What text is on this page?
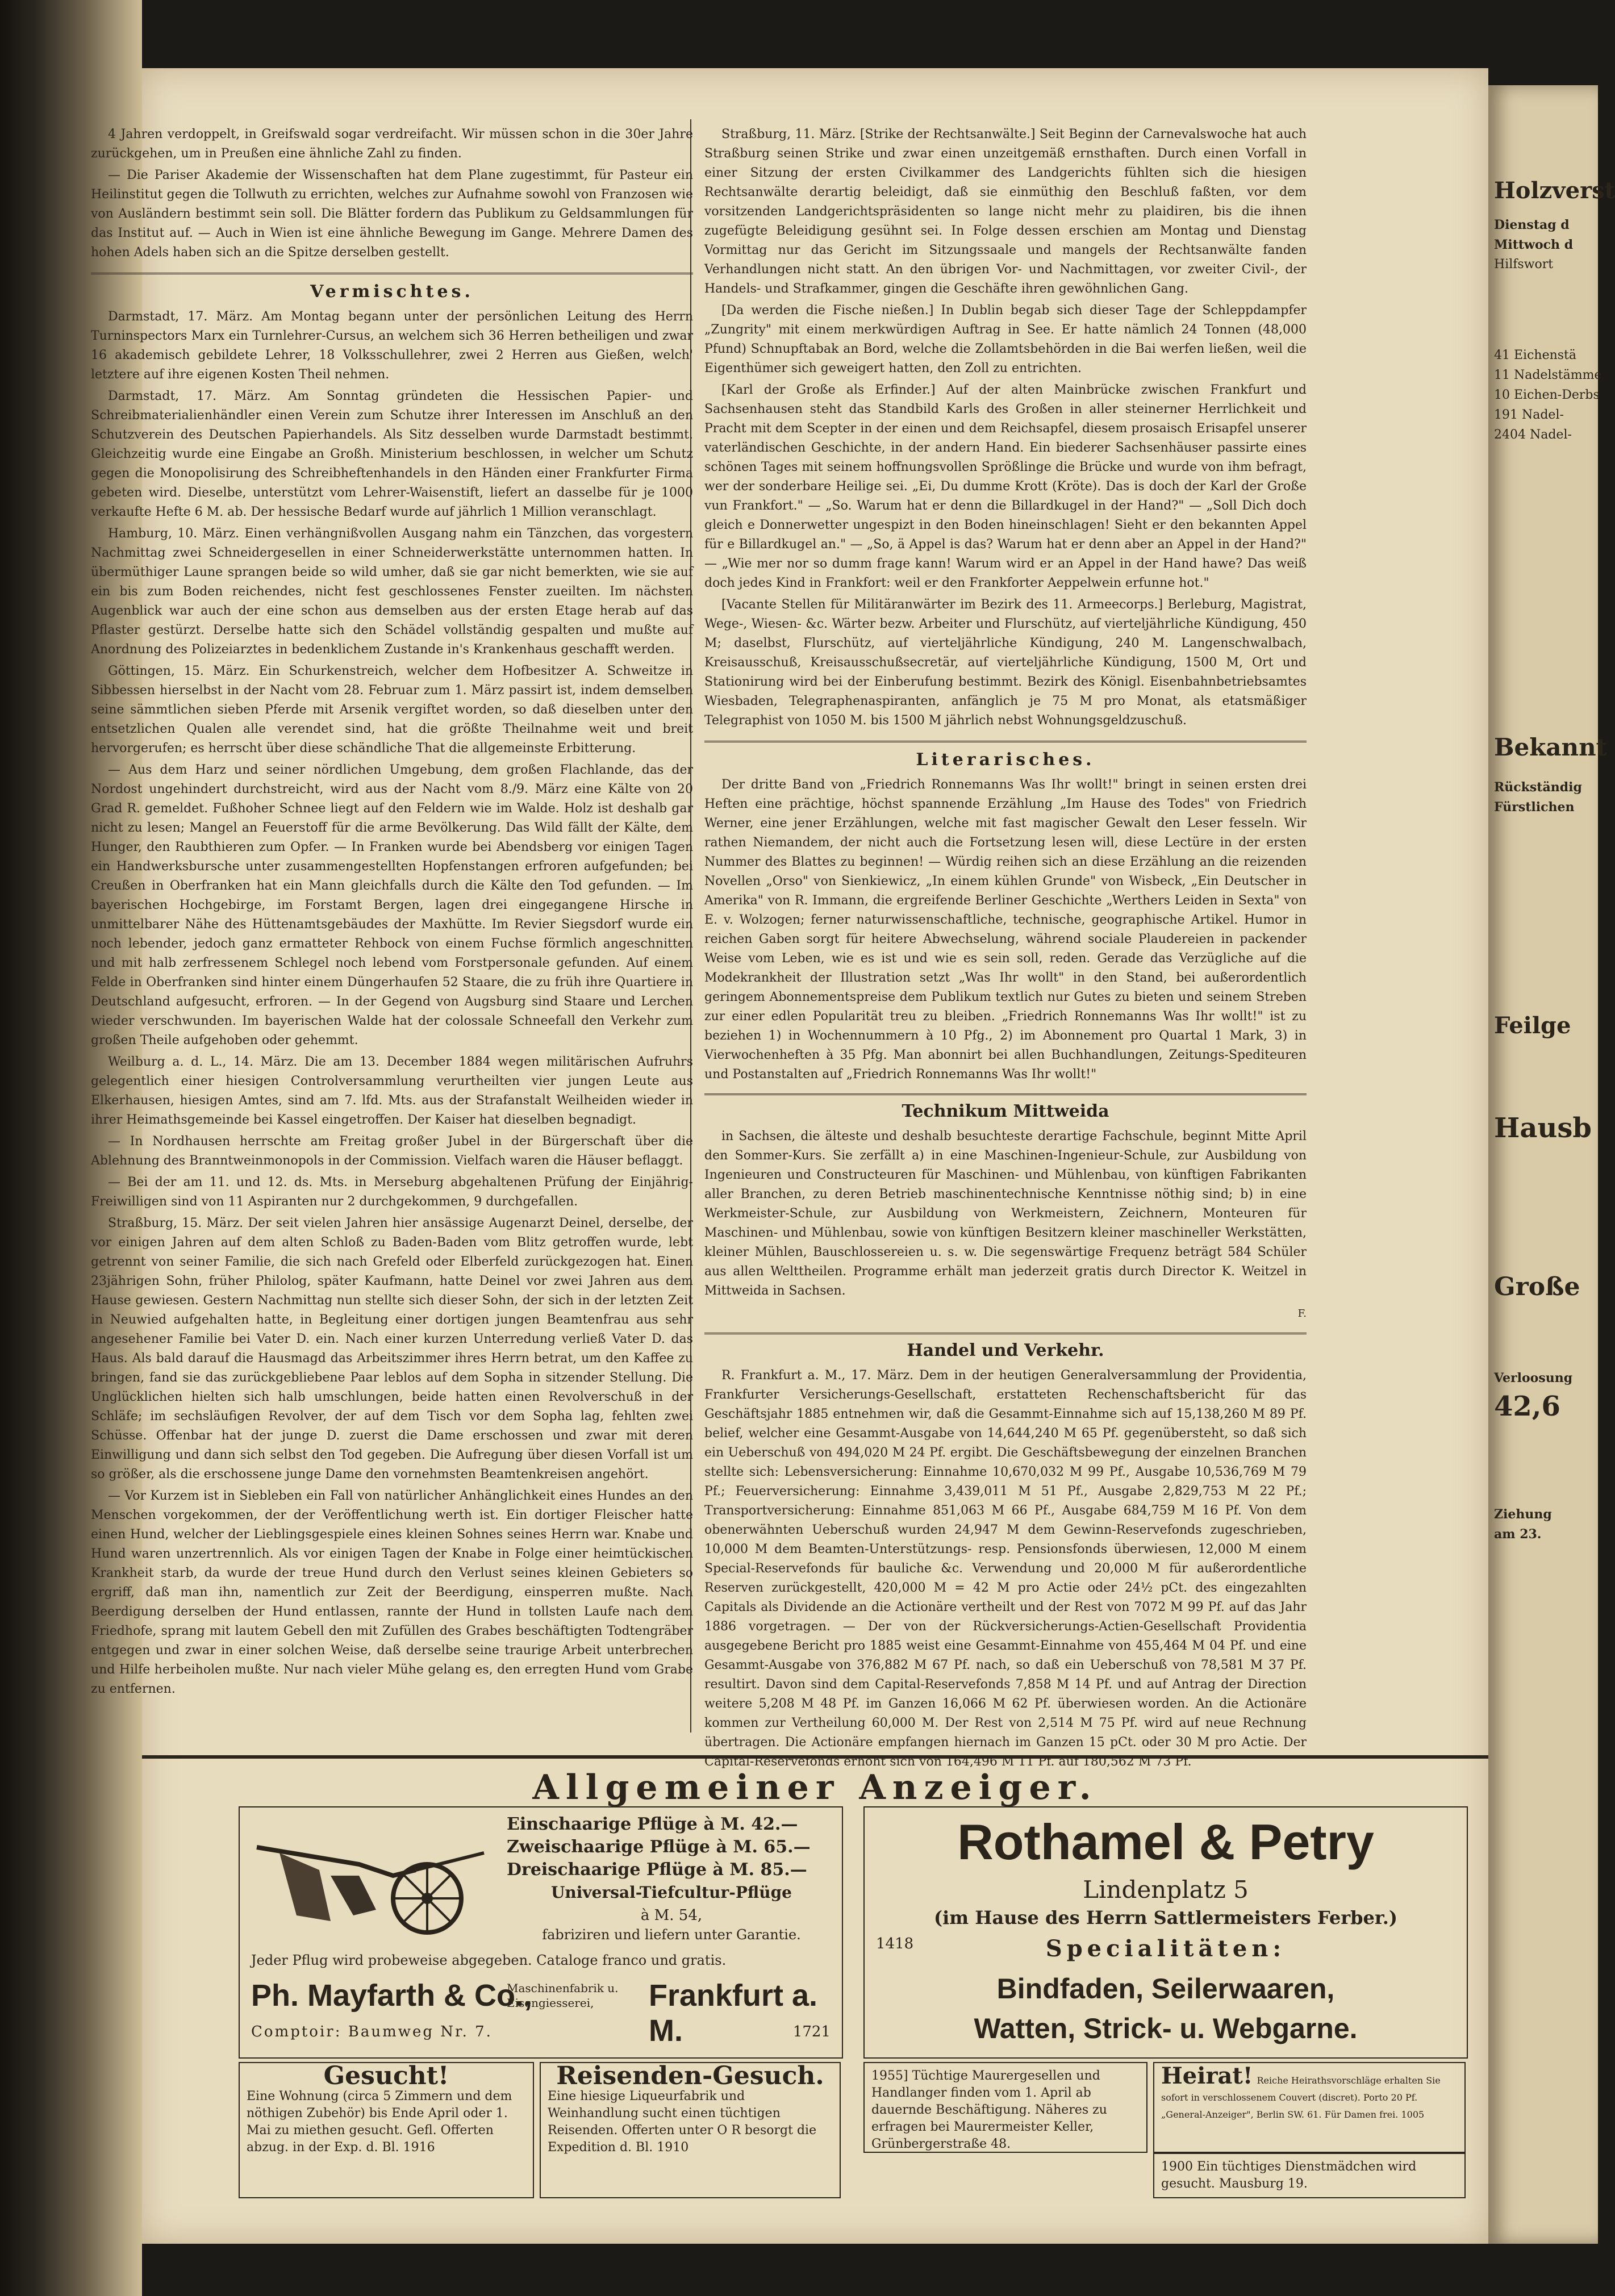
4 Jahren verdoppelt, in Greifswald sogar verdreifacht. Wir müssen schon in die 30er Jahre zurückgehen, um in Preußen eine ähnliche Zahl zu finden.

— Die Pariser Akademie der Wissenschaften hat dem Plane zugestimmt, für Pasteur ein Heilinstitut gegen die Tollwuth zu errichten, welches zur Aufnahme sowohl von Franzosen wie von Ausländern bestimmt sein soll. Die Blätter fordern das Publikum zu Geldsammlungen für das Institut auf. — Auch in Wien ist eine ähnliche Bewegung im Gange. Mehrere Damen des hohen Adels haben sich an die Spitze derselben gestellt.

Vermischtes.

Darmstadt, 17. März. Am Montag begann unter der persönlichen Leitung des Herrn Turninspectors Marx ein Turnlehrer-Cursus, an welchem sich 36 Herren betheiligen und zwar 16 akademisch gebildete Lehrer, 18 Volksschullehrer, zwei 2 Herren aus Gießen, welch' letztere auf ihre eigenen Kosten Theil nehmen.

Darmstadt, 17. März. Am Sonntag gründeten die Hessischen Papier- und Schreibmaterialienhändler einen Verein zum Schutze ihrer Interessen im Anschluß an den Schutzverein des Deutschen Papierhandels. Als Sitz desselben wurde Darmstadt bestimmt. Gleichzeitig wurde eine Eingabe an Großh. Ministerium beschlossen, in welcher um Schutz gegen die Monopolisirung des Schreibheftenhandels in den Händen einer Frankfurter Firma gebeten wird. Dieselbe, unterstützt vom Lehrer-Waisenstift, liefert an dasselbe für je 1000 verkaufte Hefte 6 M. ab. Der hessische Bedarf wurde auf jährlich 1 Million veranschlagt.

Hamburg, 10. März. Einen verhängnißvollen Ausgang nahm ein Tänzchen, das vorgestern Nachmittag zwei Schneidergesellen in einer Schneiderwerkstätte unternommen hatten. In übermüthiger Laune sprangen beide so wild umher, daß sie gar nicht bemerkten, wie sie auf ein bis zum Boden reichendes, nicht fest geschlossenes Fenster zueilten. Im nächsten Augenblick war auch der eine schon aus demselben aus der ersten Etage herab auf das Pflaster gestürzt. Derselbe hatte sich den Schädel vollständig gespalten und mußte auf Anordnung des Polizeiarztes in bedenklichem Zustande in's Krankenhaus geschafft werden.

Göttingen, 15. März. Ein Schurkenstreich, welcher dem Hofbesitzer A. Schweitze in Sibbessen hierselbst in der Nacht vom 28. Februar zum 1. März passirt ist, indem demselben seine sämmtlichen sieben Pferde mit Arsenik vergiftet worden, so daß dieselben unter den entsetzlichen Qualen alle verendet sind, hat die größte Theilnahme weit und breit hervorgerufen; es herrscht über diese schändliche That die allgemeinste Erbitterung.

— Aus dem Harz und seiner nördlichen Umgebung, dem großen Flachlande, das der Nordost ungehindert durchstreicht, wird aus der Nacht vom 8./9. März eine Kälte von 20 Grad R. gemeldet. Fußhoher Schnee liegt auf den Feldern wie im Walde. Holz ist deshalb gar nicht zu lesen; Mangel an Feuerstoff für die arme Bevölkerung. Das Wild fällt der Kälte, dem Hunger, den Raubthieren zum Opfer. — In Franken wurde bei Abendsberg vor einigen Tagen ein Handwerksbursche unter zusammengestellten Hopfenstangen erfroren aufgefunden; bei Creußen in Oberfranken hat ein Mann gleichfalls durch die Kälte den Tod gefunden. — Im bayerischen Hochgebirge, im Forstamt Bergen, lagen drei eingegangene Hirsche in unmittelbarer Nähe des Hüttenamtsgebäudes der Maxhütte. Im Revier Siegsdorf wurde ein noch lebender, jedoch ganz ermatteter Rehbock von einem Fuchse förmlich angeschnitten und mit halb zerfressenem Schlegel noch lebend vom Forstpersonale gefunden. Auf einem Felde in Oberfranken sind hinter einem Düngerhaufen 52 Staare, die zu früh ihre Quartiere in Deutschland aufgesucht, erfroren. — In der Gegend von Augsburg sind Staare und Lerchen wieder verschwunden. Im bayerischen Walde hat der colossale Schneefall den Verkehr zum großen Theile aufgehoben oder gehemmt.

Weilburg a. d. L., 14. März. Die am 13. December 1884 wegen militärischen Aufruhrs gelegentlich einer hiesigen Controlversammlung verurtheilten vier jungen Leute aus Elkerhausen, hiesigen Amtes, sind am 7. lfd. Mts. aus der Strafanstalt Weilheiden wieder in ihrer Heimathsgemeinde bei Kassel eingetroffen. Der Kaiser hat dieselben begnadigt.

— In Nordhausen herrschte am Freitag großer Jubel in der Bürgerschaft über die Ablehnung des Branntweinmonopols in der Commission. Vielfach waren die Häuser beflaggt.

— Bei der am 11. und 12. ds. Mts. in Merseburg abgehaltenen Prüfung der Einjährig-Freiwilligen sind von 11 Aspiranten nur 2 durchgekommen, 9 durchgefallen.

Straßburg, 15. März. Der seit vielen Jahren hier ansässige Augenarzt Deinel, derselbe, der vor einigen Jahren auf dem alten Schloß zu Baden-Baden vom Blitz getroffen wurde, lebt getrennt von seiner Familie, die sich nach Grefeld oder Elberfeld zurückgezogen hat. Einen 23jährigen Sohn, früher Philolog, später Kaufmann, hatte Deinel vor zwei Jahren aus dem Hause gewiesen. Gestern Nachmittag nun stellte sich dieser Sohn, der sich in der letzten Zeit in Neuwied aufgehalten hatte, in Begleitung einer dortigen jungen Beamtenfrau aus sehr angesehener Familie bei Vater D. ein. Nach einer kurzen Unterredung verließ Vater D. das Haus. Als bald darauf die Hausmagd das Arbeitszimmer ihres Herrn betrat, um den Kaffee zu bringen, fand sie das zurückgebliebene Paar leblos auf dem Sopha in sitzender Stellung. Die Unglücklichen hielten sich halb umschlungen, beide hatten einen Revolverschuß in der Schläfe; im sechsläufigen Revolver, der auf dem Tisch vor dem Sopha lag, fehlten zwei Schüsse. Offenbar hat der junge D. zuerst die Dame erschossen und zwar mit deren Einwilligung und dann sich selbst den Tod gegeben. Die Aufregung über diesen Vorfall ist um so größer, als die erschossene junge Dame den vornehmsten Beamtenkreisen angehört.

— Vor Kurzem ist in Siebleben ein Fall von natürlicher Anhänglichkeit eines Hundes an den Menschen vorgekommen, der der Veröffentlichung werth ist. Ein dortiger Fleischer hatte einen Hund, welcher der Lieblingsgespiele eines kleinen Sohnes seines Herrn war. Knabe und Hund waren unzertrennlich. Als vor einigen Tagen der Knabe in Folge einer heimtückischen Krankheit starb, da wurde der treue Hund durch den Verlust seines kleinen Gebieters so ergriff, daß man ihn, namentlich zur Zeit der Beerdigung, einsperren mußte. Nach Beerdigung derselben der Hund entlassen, rannte der Hund in tollsten Laufe nach dem Friedhofe, sprang mit lautem Gebell den mit Zufüllen des Grabes beschäftigten Todtengräber entgegen und zwar in einer solchen Weise, daß derselbe seine traurige Arbeit unterbrechen und Hilfe herbeiholen mußte. Nur nach vieler Mühe gelang es, den erregten Hund vom Grabe zu entfernen.

Straßburg, 11. März. [Strike der Rechtsanwälte.] Seit Beginn der Carnevalswoche hat auch Straßburg seinen Strike und zwar einen unzeitgemäß ernsthaften. Durch einen Vorfall in einer Sitzung der ersten Civilkammer des Landgerichts fühlten sich die hiesigen Rechtsanwälte derartig beleidigt, daß sie einmüthig den Beschluß faßten, vor dem vorsitzenden Landgerichtspräsidenten so lange nicht mehr zu plaidiren, bis die ihnen zugefügte Beleidigung gesühnt sei. In Folge dessen erschien am Montag und Dienstag Vormittag nur das Gericht im Sitzungssaale und mangels der Rechtsanwälte fanden Verhandlungen nicht statt. An den übrigen Vor- und Nachmittagen, vor zweiter Civil-, der Handels- und Strafkammer, gingen die Geschäfte ihren gewöhnlichen Gang.

[Da werden die Fische nießen.] In Dublin begab sich dieser Tage der Schleppdampfer „Zungrity" mit einem merkwürdigen Auftrag in See. Er hatte nämlich 24 Tonnen (48,000 Pfund) Schnupftabak an Bord, welche die Zollamtsbehörden in die Bai werfen ließen, weil die Eigenthümer sich geweigert hatten, den Zoll zu entrichten.

[Karl der Große als Erfinder.] Auf der alten Mainbrücke zwischen Frankfurt und Sachsenhausen steht das Standbild Karls des Großen in aller steinerner Herrlichkeit und Pracht mit dem Scepter in der einen und dem Reichsapfel, diesem prosaisch Erisapfel unserer vaterländischen Geschichte, in der andern Hand. Ein biederer Sachsenhäuser passirte eines schönen Tages mit seinem hoffnungsvollen Sprößlinge die Brücke und wurde von ihm befragt, wer der sonderbare Heilige sei. „Ei, Du dumme Krott (Kröte). Das is doch der Karl der Große vun Frankfort." — „So. Warum hat er denn die Billardkugel in der Hand?" — „Soll Dich doch gleich e Donnerwetter ungespizt in den Boden hineinschlagen! Sieht er den bekannten Appel für e Billardkugel an." — „So, ä Appel is das? Warum hat er denn aber an Appel in der Hand?" — „Wie mer nor so dumm frage kann! Warum wird er an Appel in der Hand hawe? Das weiß doch jedes Kind in Frankfort: weil er den Frankforter Aeppelwein erfunne hot."

[Vacante Stellen für Militäranwärter im Bezirk des 11. Armeecorps.] Berleburg, Magistrat, Wege-, Wiesen- &c. Wärter bezw. Arbeiter und Flurschütz, auf vierteljährliche Kündigung, 450 M; daselbst, Flurschütz, auf vierteljährliche Kündigung, 240 M. Langenschwalbach, Kreisausschuß, Kreisausschußsecretär, auf vierteljährliche Kündigung, 1500 M, Ort und Stationirung wird bei der Einberufung bestimmt. Bezirk des Königl. Eisenbahnbetriebsamtes Wiesbaden, Telegraphenaspiranten, anfänglich je 75 M pro Monat, als etatsmäßiger Telegraphist von 1050 M. bis 1500 M jährlich nebst Wohnungsgeldzuschuß.

Literarisches.

Der dritte Band von „Friedrich Ronnemanns Was Ihr wollt!" bringt in seinen ersten drei Heften eine prächtige, höchst spannende Erzählung „Im Hause des Todes" von Friedrich Werner, eine jener Erzählungen, welche mit fast magischer Gewalt den Leser fesseln. Wir rathen Niemandem, der nicht auch die Fortsetzung lesen will, diese Lectüre in der ersten Nummer des Blattes zu beginnen! — Würdig reihen sich an diese Erzählung an die reizenden Novellen „Orso" von Sienkiewicz, „In einem kühlen Grunde" von Wisbeck, „Ein Deutscher in Amerika" von R. Immann, die ergreifende Berliner Geschichte „Werthers Leiden in Sexta" von E. v. Wolzogen; ferner naturwissenschaftliche, technische, geographische Artikel. Humor in reichen Gaben sorgt für heitere Abwechselung, während sociale Plaudereien in packender Weise vom Leben, wie es ist und wie es sein soll, reden. Gerade das Verzügliche auf die Modekrankheit der Illustration setzt „Was Ihr wollt" in den Stand, bei außerordentlich geringem Abonnementspreise dem Publikum textlich nur Gutes zu bieten und seinem Streben zur einer edlen Popularität treu zu bleiben. „Friedrich Ronnemanns Was Ihr wollt!" ist zu beziehen 1) in Wochennummern à 10 Pfg., 2) im Abonnement pro Quartal 1 Mark, 3) in Vierwochenheften à 35 Pfg. Man abonnirt bei allen Buchhandlungen, Zeitungs-Spediteuren und Postanstalten auf „Friedrich Ronnemanns Was Ihr wollt!"

Technikum Mittweida

in Sachsen, die älteste und deshalb besuchteste derartige Fachschule, beginnt Mitte April den Sommer-Kurs. Sie zerfällt a) in eine Maschinen-Ingenieur-Schule, zur Ausbildung von Ingenieuren und Constructeuren für Maschinen- und Mühlenbau, von künftigen Fabrikanten aller Branchen, zu deren Betrieb maschinentechnische Kenntnisse nöthig sind; b) in eine Werkmeister-Schule, zur Ausbildung von Werkmeistern, Zeichnern, Monteuren für Maschinen- und Mühlenbau, sowie von künftigen Besitzern kleiner maschineller Werkstätten, kleiner Mühlen, Bauschlossereien u. s. w. Die segenswärtige Frequenz beträgt 584 Schüler aus allen Welttheilen. Programme erhält man jederzeit gratis durch Director K. Weitzel in Mittweida in Sachsen.

F.
Handel und Verkehr.

R. Frankfurt a. M., 17. März. Dem in der heutigen Generalversammlung der Providentia, Frankfurter Versicherungs-Gesellschaft, erstatteten Rechenschaftsbericht für das Geschäftsjahr 1885 entnehmen wir, daß die Gesammt-Einnahme sich auf 15,138,260 M 89 Pf. belief, welcher eine Gesammt-Ausgabe von 14,644,240 M 65 Pf. gegenübersteht, so daß sich ein Ueberschuß von 494,020 M 24 Pf. ergibt. Die Geschäftsbewegung der einzelnen Branchen stellte sich: Lebensversicherung: Einnahme 10,670,032 M 99 Pf., Ausgabe 10,536,769 M 79 Pf.; Feuerversicherung: Einnahme 3,439,011 M 51 Pf., Ausgabe 2,829,753 M 22 Pf.; Transportversicherung: Einnahme 851,063 M 66 Pf., Ausgabe 684,759 M 16 Pf. Von dem obenerwähnten Ueberschuß wurden 24,947 M dem Gewinn-Reservefonds zugeschrieben, 10,000 M dem Beamten-Unterstützungs- resp. Pensionsfonds überwiesen, 12,000 M einem Special-Reservefonds für bauliche &c. Verwendung und 20,000 M für außerordentliche Reserven zurückgestellt, 420,000 M = 42 M pro Actie oder 24½ pCt. des eingezahlten Capitals als Dividende an die Actionäre vertheilt und der Rest von 7072 M 99 Pf. auf das Jahr 1886 vorgetragen. — Der von der Rückversicherungs-Actien-Gesellschaft Providentia ausgegebene Bericht pro 1885 weist eine Gesammt-Einnahme von 455,464 M 04 Pf. und eine Gesammt-Ausgabe von 376,882 M 67 Pf. nach, so daß ein Ueberschuß von 78,581 M 37 Pf. resultirt. Davon sind dem Capital-Reservefonds 7,858 M 14 Pf. und auf Antrag der Direction weitere 5,208 M 48 Pf. im Ganzen 16,066 M 62 Pf. überwiesen worden. An die Actionäre kommen zur Vertheilung 60,000 M. Der Rest von 2,514 M 75 Pf. wird auf neue Rechnung übertragen. Die Actionäre empfangen hiernach im Ganzen 15 pCt. oder 30 M pro Actie. Der Capital-Reservefonds erhöht sich von 164,496 M 11 Pf. auf 180,562 M 73 Pf.

Allgemeiner Anzeiger.
Einschaarige Pflüge à M. 42.—
Zweischaarige Pflüge à M. 65.—
Dreischaarige Pflüge à M. 85.—
Universal-Tiefcultur-Pflüge
à M. 54,
fabriziren und liefern unter Garantie.
Jeder Pflug wird probeweise abgegeben. Cataloge franco und gratis.
Ph. Mayfarth & Co.,
Maschinenfabrik u. Eisengiesserei,	Frankfurt a. M.
Comptoir: Baumweg Nr. 7.	1721
Rothamel & Petry
Lindenplatz 5
(im Hause des Herrn Sattlermeisters Ferber.)
1418	Specialitäten:
Bindfaden, Seilerwaaren,
Watten, Strick- u. Webgarne.
Gesucht!
Eine Wohnung (circa 5 Zimmern und dem nöthigen Zubehör) bis Ende April oder 1. Mai zu miethen gesucht. Gefl. Offerten abzug. in der Exp. d. Bl. 1916
Reisenden-Gesuch.
Eine hiesige Liqueurfabrik und Weinhandlung sucht einen tüchtigen Reisenden. Offerten unter O R besorgt die Expedition d. Bl. 1910
1955] Tüchtige Maurergesellen und Handlanger finden vom 1. April ab dauernde Beschäftigung. Näheres zu erfragen bei Maurermeister Keller, Grünbergerstraße 48.
Heirat! Reiche Heirathsvorschläge erhalten Sie sofort in verschlossenem Couvert (discret). Porto 20 Pf. „General-Anzeiger", Berlin SW. 61. Für Damen frei. 1005
1900 Ein tüchtiges Dienstmädchen wird gesucht. Mausburg 19.
Holzverst
Dienstag d
Mittwoch d
Hilfswort
41 Eichenstä
11 Nadelstämme
10 Eichen-Derbs
191 Nadel-
2404 Nadel-
Bekannt
Rückständig
Fürstlichen
Feilge
Hausb
Große
Verloosung
42,6
Ziehung
am 23.
